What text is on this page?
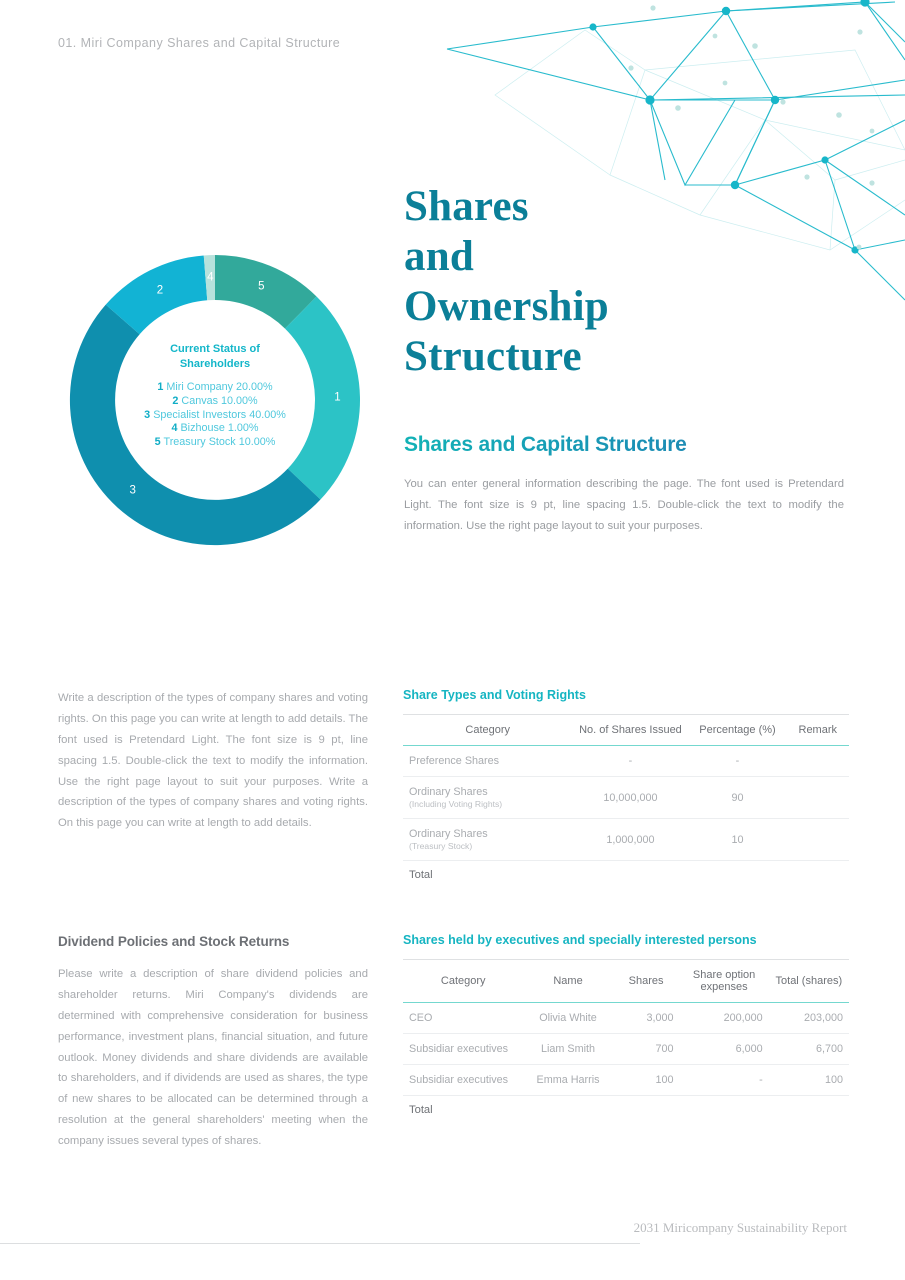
01. Miri Company Shares and Capital Structure
5
1
3
2
4
Current Status of
Shareholders
1 Miri Company 20.00%
2 Canvas 10.00%
3 Specialist Investors 40.00%
4 Bizhouse 1.00%
5 Treasury Stock 10.00%
Shares
and
Ownership
Structure
Shares and Capital Structure
You can enter general information describing the page. The font used is Pretendard Light. The font size is 9 pt, line spacing 1.5. Double-click the text to modify the information. Use the right page layout to suit your purposes.
Write a description of the types of company shares and voting rights. On this page you can write at length to add details. The font used is Pretendard Light. The font size is 9 pt, line spacing 1.5. Double-click the text to modify the information. Use the right page layout to suit your purposes. Write a description of the types of company shares and voting rights. On this page you can write at length to add details.
Dividend Policies and Stock Returns
Please write a description of share dividend policies and shareholder returns. Miri Company's dividends are determined with comprehensive consideration for business performance, investment plans, financial situation, and future outlook. Money dividends and share dividends are available to shareholders, and if dividends are used as shares, the type of new shares to be allocated can be determined through a resolution at the general shareholders' meeting when the company issues several types of shares.
Share Types and Voting Rights
Category	No. of Shares Issued	Percentage (%)	Remark
Preference Shares	-	-	
Ordinary Shares
(Including Voting Rights)	10,000,000	90	
Ordinary Shares
(Treasury Stock)	1,000,000	10	
Total			
Shares held by executives and specially interested persons
Category	Name	Shares	Share option expenses	Total (shares)
CEO	Olivia White	3,000	200,000	203,000
Subsidiar executives	Liam Smith	700	6,000	6,700
Subsidiar executives	Emma Harris	100	-	100
Total				
2031 Miricompany Sustainability Report
